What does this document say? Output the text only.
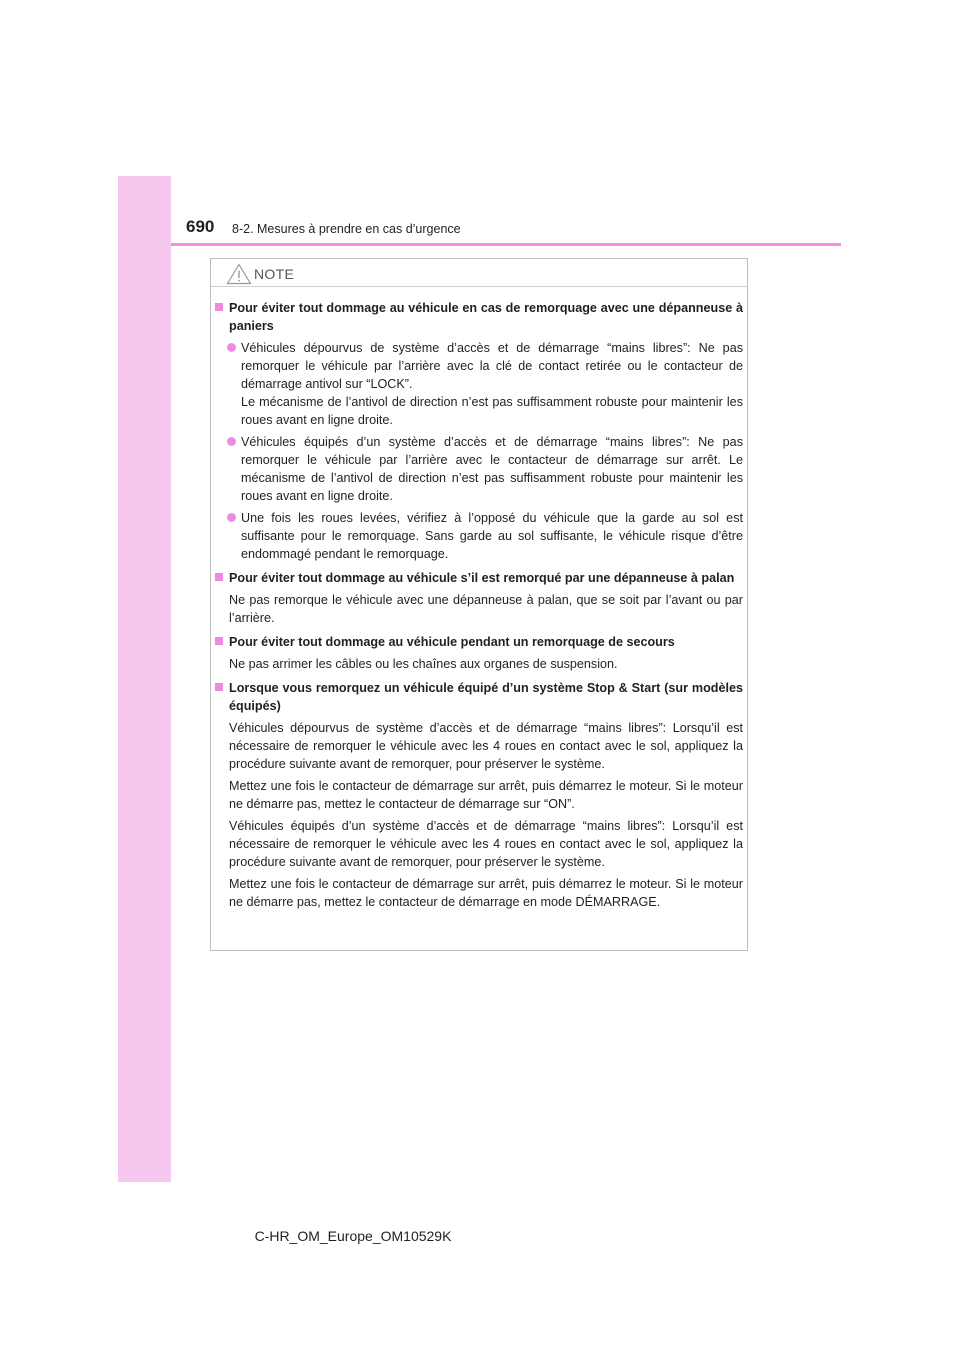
690 8-2. Mesures à prendre en cas d’urgence
NOTE
Pour éviter tout dommage au véhicule en cas de remorquage avec une dépanneuse à paniers
Véhicules dépourvus de système d’accès et de démarrage “mains libres”: Ne pas remorquer le véhicule par l’arrière avec la clé de contact retirée ou le contacteur de démarrage antivol sur “LOCK”.
Le mécanisme de l’antivol de direction n’est pas suffisamment robuste pour maintenir les roues avant en ligne droite.
Véhicules équipés d’un système d’accès et de démarrage “mains libres”: Ne pas remorquer le véhicule par l’arrière avec le contacteur de démarrage sur arrêt. Le mécanisme de l’antivol de direction n’est pas suffisamment robuste pour maintenir les roues avant en ligne droite.
Une fois les roues levées, vérifiez à l’opposé du véhicule que la garde au sol est suffisante pour le remorquage. Sans garde au sol suffisante, le véhicule risque d’être endommagé pendant le remorquage.
Pour éviter tout dommage au véhicule s’il est remorqué par une dépanneuse à palan
Ne pas remorque le véhicule avec une dépanneuse à palan, que se soit par l’avant ou par l’arrière.
Pour éviter tout dommage au véhicule pendant un remorquage de secours
Ne pas arrimer les câbles ou les chaînes aux organes de suspension.
Lorsque vous remorquez un véhicule équipé d’un système Stop & Start (sur modèles équipés)
Véhicules dépourvus de système d’accès et de démarrage “mains libres”: Lorsqu’il est nécessaire de remorquer le véhicule avec les 4 roues en contact avec le sol, appliquez la procédure suivante avant de remorquer, pour préserver le système.
Mettez une fois le contacteur de démarrage sur arrêt, puis démarrez le moteur. Si le moteur ne démarre pas, mettez le contacteur de démarrage sur “ON”.
Véhicules équipés d’un système d’accès et de démarrage “mains libres”: Lorsqu’il est nécessaire de remorquer le véhicule avec les 4 roues en contact avec le sol, appliquez la procédure suivante avant de remorquer, pour préserver le système.
Mettez une fois le contacteur de démarrage sur arrêt, puis démarrez le moteur. Si le moteur ne démarre pas, mettez le contacteur de démarrage en mode DÉMARRAGE.
C-HR_OM_Europe_OM10529K
